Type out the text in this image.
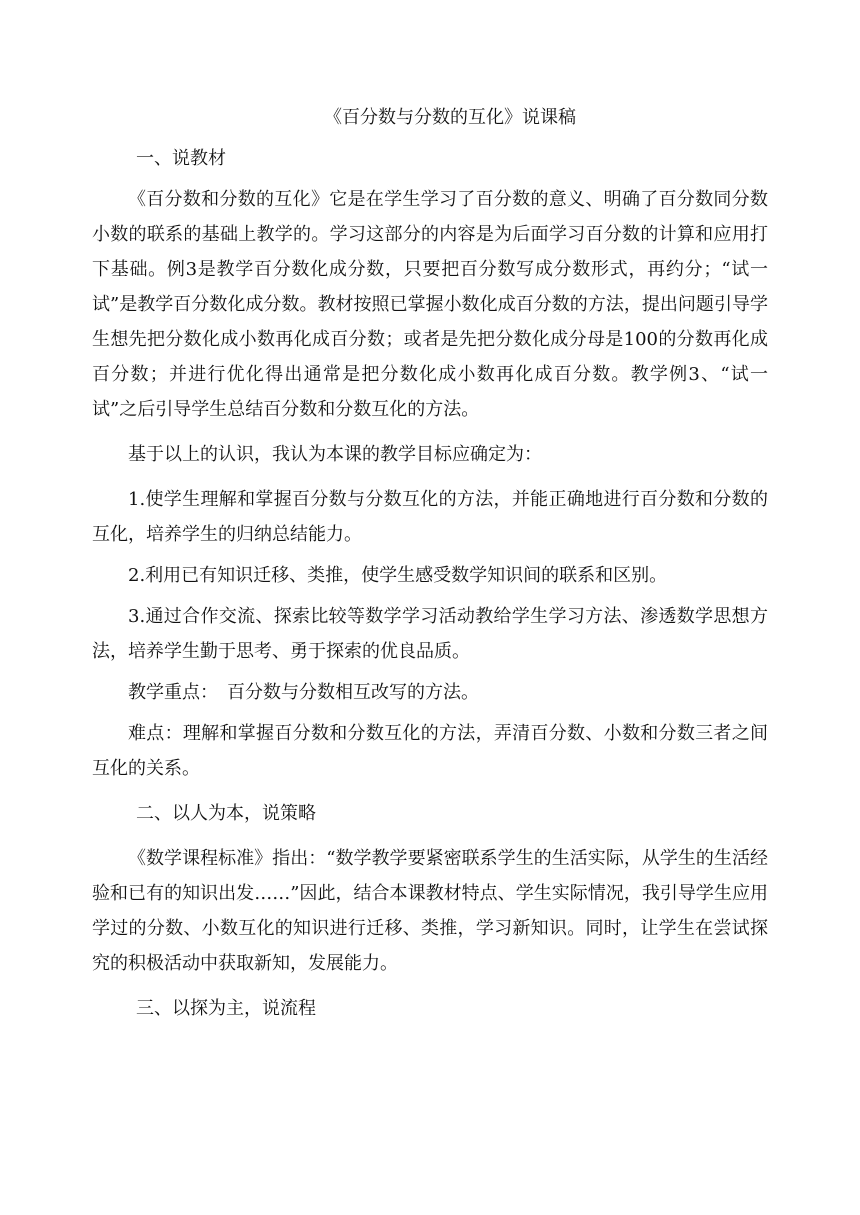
《百分数与分数的互化》说课稿
一、说教材

《百分数和分数的互化》它是在学生学习了百分数的意义、明确了百分数同分数小数的联系的基础上教学的。学习这部分的内容是为后面学习百分数的计算和应用打下基础。例3是教学百分数化成分数，只要把百分数写成分数形式，再约分；“试一试”是教学百分数化成分数。教材按照已掌握小数化成百分数的方法，提出问题引导学生想先把分数化成小数再化成百分数；或者是先把分数化成分母是100的分数再化成百分数；并进行优化得出通常是把分数化成小数再化成百分数。教学例3、“试一试”之后引导学生总结百分数和分数互化的方法。

基于以上的认识，我认为本课的教学目标应确定为：

1.使学生理解和掌握百分数与分数互化的方法，并能正确地进行百分数和分数的互化，培养学生的归纳总结能力。

2.利用已有知识迁移、类推，使学生感受数学知识间的联系和区别。

3.通过合作交流、探索比较等数学学习活动教给学生学习方法、渗透数学思想方法，培养学生勤于思考、勇于探索的优良品质。

教学重点：　百分数与分数相互改写的方法。

难点：理解和掌握百分数和分数互化的方法，弄清百分数、小数和分数三者之间互化的关系。

二、以人为本，说策略

《数学课程标准》指出：“数学教学要紧密联系学生的生活实际，从学生的生活经验和已有的知识出发……”因此，结合本课教材特点、学生实际情况，我引导学生应用学过的分数、小数互化的知识进行迁移、类推，学习新知识。同时，让学生在尝试探究的积极活动中获取新知，发展能力。

三、以探为主，说流程
